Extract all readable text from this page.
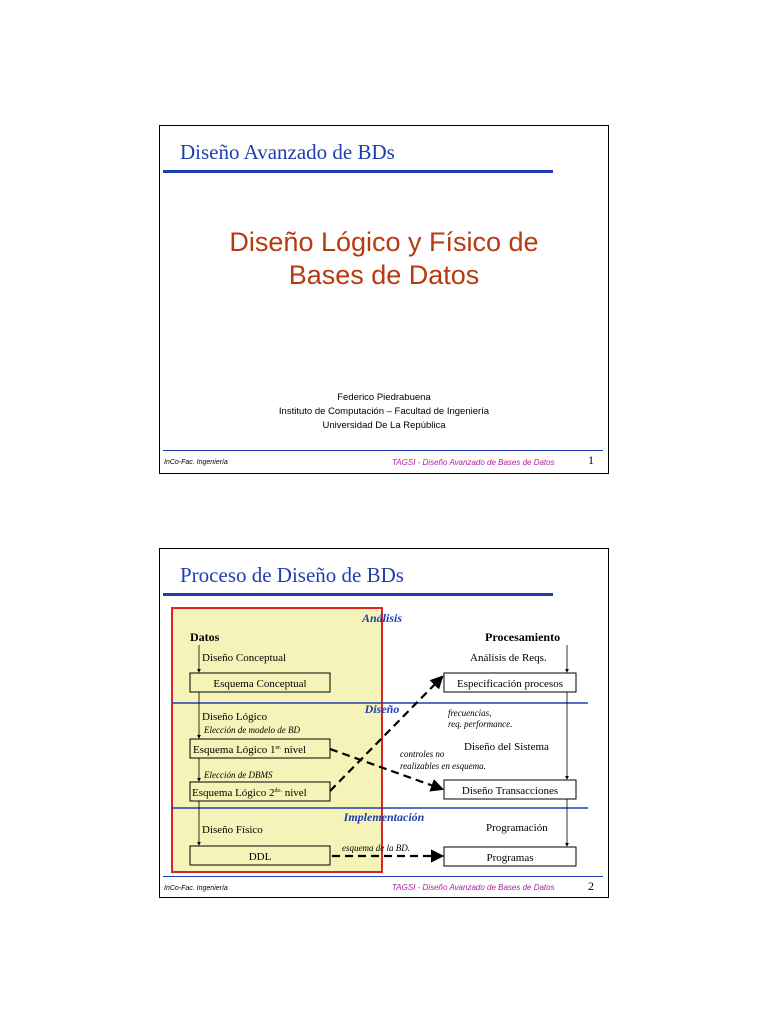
Diseño Avanzado de BDs
Diseño Lógico y Físico de
Bases de Datos
Federico Piedrabuena
Instituto de Computación – Facultad de Ingeniería
Universidad De La República
InCo-Fac. Ingeniería	TAGSI - Diseño Avanzado de Bases de Datos	1
Proceso de Diseño de BDs
Análisis
Diseño
Implementación
Datos	Procesamiento
Diseño Conceptual
Esquema Conceptual
Diseño Lógico
Elección de modelo de BD
Esquema Lógico $1^{er.}$ nivel
Elección de DBMS
Esquema Lógico $2^{do.}$ nivel
Diseño Físico
DDL
Análisis de Reqs.
Especificación procesos
frecuencias,
req. performance.
Diseño del Sistema
controles no
realizables en esquema.
Diseño Transacciones
Programación
Programas
esquema de la BD.
InCo-Fac. Ingeniería	TAGSI - Diseño Avanzado de Bases de Datos	2
